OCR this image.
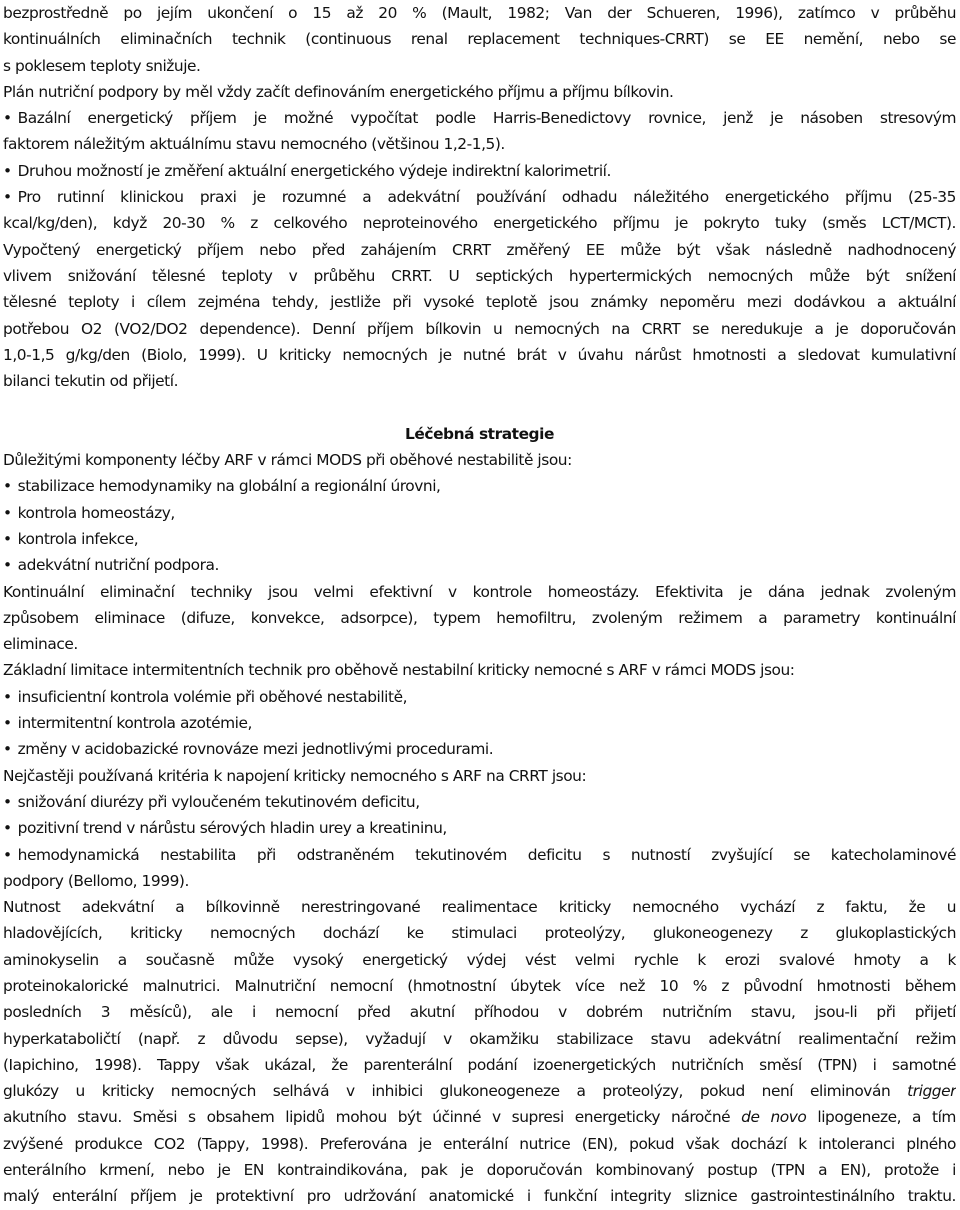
bezprostředně po jejím ukončení o 15 až 20 % (Mault, 1982; Van der Schueren, 1996), zatímco v průběhu
kontinuálních eliminačních technik (continuous renal replacement techniques-CRRT) se EE nemění, nebo se
s poklesem teploty snižuje.
Plán nutriční podpory by měl vždy začít definováním energetického příjmu a příjmu bílkovin.
• Bazální energetický příjem je možné vypočítat podle Harris-Benedictovy rovnice, jenž je násoben stresovým
faktorem náležitým aktuálnímu stavu nemocného (většinou 1,2-1,5).
• Druhou možností je změření aktuální energetického výdeje indirektní kalorimetrií.
• Pro rutinní klinickou praxi je rozumné a adekvátní používání odhadu náležitého energetického příjmu (25-35
kcal/kg/den), když 20-30 % z celkového neproteinového energetického příjmu je pokryto tuky (směs LCT/MCT).
Vypočtený energetický příjem nebo před zahájením CRRT změřený EE může být však následně nadhodnocený
vlivem snižování tělesné teploty v průběhu CRRT. U septických hypertermických nemocných může být snížení
tělesné teploty i cílem zejména tehdy, jestliže při vysoké teplotě jsou známky nepoměru mezi dodávkou a aktuální
potřebou O2 (VO2/DO2 dependence). Denní příjem bílkovin u nemocných na CRRT se neredukuje a je doporučován
1,0-1,5 g/kg/den (Biolo, 1999). U kriticky nemocných je nutné brát v úvahu nárůst hmotnosti a sledovat kumulativní
bilanci tekutin od přijetí.
Léčebná strategie
Důležitými komponenty léčby ARF v rámci MODS při oběhové nestabilitě jsou:
• stabilizace hemodynamiky na globální a regionální úrovni,
• kontrola homeostázy,
• kontrola infekce,
• adekvátní nutriční podpora.
Kontinuální eliminační techniky jsou velmi efektivní v kontrole homeostázy. Efektivita je dána jednak zvoleným
způsobem eliminace (difuze, konvekce, adsorpce), typem hemofiltru, zvoleným režimem a parametry kontinuální
eliminace.
Základní limitace intermitentních technik pro oběhově nestabilní kriticky nemocné s ARF v rámci MODS jsou:
• insuficientní kontrola volémie při oběhové nestabilitě,
• intermitentní kontrola azotémie,
• změny v acidobazické rovnováze mezi jednotlivými procedurami.
Nejčastěji používaná kritéria k napojení kriticky nemocného s ARF na CRRT jsou:
• snižování diurézy při vyloučeném tekutinovém deficitu,
• pozitivní trend v nárůstu sérových hladin urey a kreatininu,
• hemodynamická nestabilita při odstraněném tekutinovém deficitu s nutností zvyšující se katecholaminové
podpory (Bellomo, 1999).
Nutnost adekvátní a bílkovinně nerestringované realimentace kriticky nemocného vychází z faktu, že u
hladovějících, kriticky nemocných dochází ke stimulaci proteolýzy, glukoneogenezy z glukoplastických
aminokyselin a současně může vysoký energetický výdej vést velmi rychle k erozi svalové hmoty a k
proteinokalorické malnutrici. Malnutriční nemocní (hmotnostní úbytek více než 10 % z původní hmotnosti během
posledních 3 měsíců), ale i nemocní před akutní příhodou v dobrém nutričním stavu, jsou-li při přijetí
hyperkataboličtí (např. z důvodu sepse), vyžadují v okamžiku stabilizace stavu adekvátní realimentační režim
(Iapichino, 1998). Tappy však ukázal, že parenterální podání izoenergetických nutričních směsí (TPN) i samotné
glukózy u kriticky nemocných selhává v inhibici glukoneogeneze a proteolýzy, pokud není eliminován trigger
akutního stavu. Směsi s obsahem lipidů mohou být účinné v supresi energeticky náročné de novo lipogeneze, a tím
zvýšené produkce CO2 (Tappy, 1998). Preferována je enterální nutrice (EN), pokud však dochází k intoleranci plného
enterálního krmení, nebo je EN kontraindikována, pak je doporučován kombinovaný postup (TPN a EN), protože i
malý enterální příjem je protektivní pro udržování anatomické i funkční integrity sliznice gastrointestinálního traktu.
